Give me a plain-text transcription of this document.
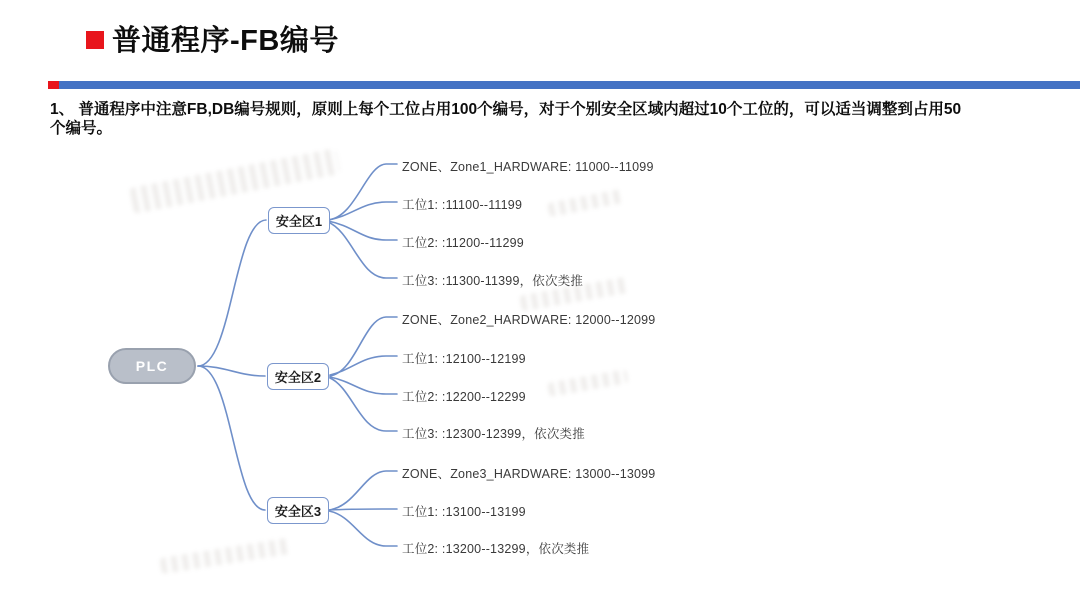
普通程序-FB编号
1、 普通程序中注意FB,DB编号规则，原则上每个工位占用100个编号，对于个别安全区域内超过10个工位的，可以适当调整到占用50
个编号。
PLC
安全区1
安全区2
安全区3
ZONE、Zone1_HARDWARE: 11000--11099
工位1: :11100--11199
工位2: :11200--11299
工位3: :11300-11399，依次类推
ZONE、Zone2_HARDWARE: 12000--12099
工位1: :12100--12199
工位2: :12200--12299
工位3: :12300-12399，依次类推
ZONE、Zone3_HARDWARE: 13000--13099
工位1: :13100--13199
工位2: :13200--13299，依次类推
